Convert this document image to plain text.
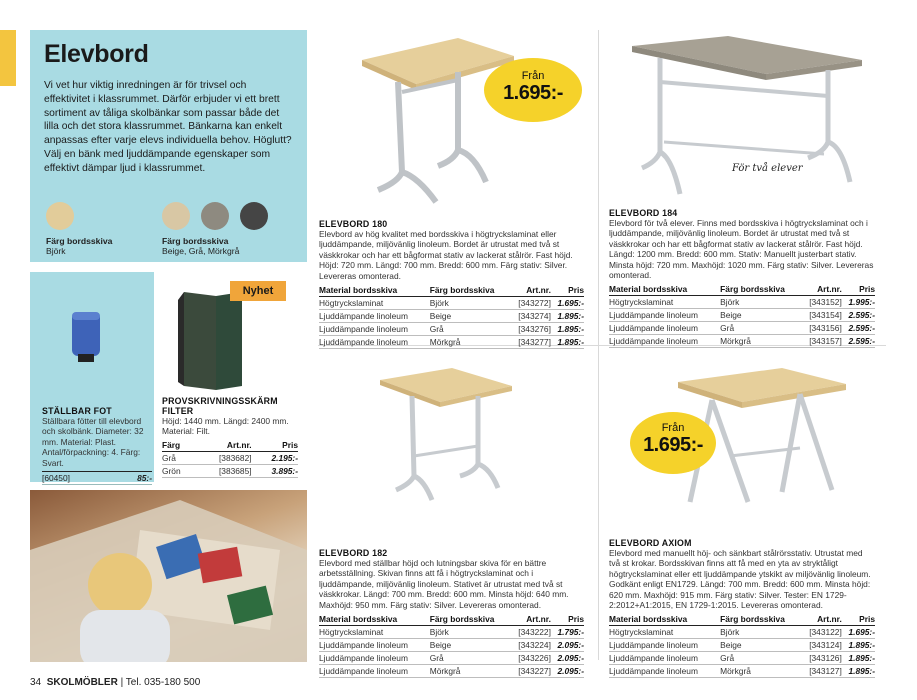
Elevbord

Vi vet hur viktig inredningen är för trivsel och effektivitet i klassrummet. Därför erbjuder vi ett brett sortiment av tåliga skolbänkar som passar både det lilla och det stora klassrummet. Bänkarna kan enkelt anpassas efter varje elevs individuella behov. Höglutt? Välj en bänk med ljuddämpande egenskaper som effektivt dämpar ljud i klassrummet.

Färg bordsskiva
Björk
Färg bordsskiva
Beige, Grå, Mörkgrå
STÄLLBAR FOT
Ställbara fötter till elevbord och skolbänk. Diameter: 32 mm. Material: Plast. Antal/förpackning: 4. Färg: Svart.
[60450]	85:-
Nyhet
PROVSKRIVNINGSSKÄRM FILTER
Höjd: 1440 mm. Längd: 2400 mm. Material: Filt.
Färg	Art.nr.	Pris
Grå	[383682]	2.195:-
Grön	[383685]	3.895:-
34 SKOLMÖBLER | Tel. 035-180 500
Från
1.695:-
ELEVBORD 180
Elevbord av hög kvalitet med bordsskiva i högtryckslaminat eller ljuddämpande, miljövänlig linoleum. Bordet är utrustat med två st väskkrokar och har ett bågformat stativ av lackerat stålrör. Fast höjd. Höjd: 720 mm. Längd: 700 mm. Bredd: 600 mm. Färg stativ: Silver. Levereras omonterad.
Material bordsskiva	Färg bordsskiva	Art.nr.	Pris
Högtryckslaminat	Björk	[343272]	1.695:-
Ljuddämpande linoleum	Beige	[343274]	1.895:-
Ljuddämpande linoleum	Grå	[343276]	1.895:-
Ljuddämpande linoleum	Mörkgrå	[343277]	1.895:-
För två elever
ELEVBORD 184
Elevbord för två elever. Finns med bordsskiva i högtryckslaminat och i ljuddämpande, miljövänlig linoleum. Bordet är utrustat med två st väskkrokar och har ett bågformat stativ av lackerat stålrör. Fast höjd. Längd: 1200 mm. Bredd: 600 mm. Stativ: Manuellt justerbart stativ. Minsta höjd: 720 mm. Maxhöjd: 1020 mm. Färg stativ: Silver. Levereras omonterad.
Material bordsskiva	Färg bordsskiva	Art.nr.	Pris
Högtryckslaminat	Björk	[343152]	1.995:-
Ljuddämpande linoleum	Beige	[343154]	2.595:-
Ljuddämpande linoleum	Grå	[343156]	2.595:-
Ljuddämpande linoleum	Mörkgrå	[343157]	2.595:-
ELEVBORD 182
Elevbord med ställbar höjd och lutningsbar skiva för en bättre arbetsställning. Skivan finns att få i högtryckslaminat och i ljuddämpande, miljövänlig linoleum. Stativet är utrustat med två st väskkrokar. Längd: 700 mm. Bredd: 600 mm. Minsta höjd: 640 mm. Maxhöjd: 950 mm. Färg stativ: Silver. Levereras omonterad.
Material bordsskiva	Färg bordsskiva	Art.nr.	Pris
Högtryckslaminat	Björk	[343222]	1.795:-
Ljuddämpande linoleum	Beige	[343224]	2.095:-
Ljuddämpande linoleum	Grå	[343226]	2.095:-
Ljuddämpande linoleum	Mörkgrå	[343227]	2.095:-
Från
1.695:-
ELEVBORD AXIOM
Elevbord med manuellt höj- och sänkbart stålrörsstativ. Utrustat med två st krokar. Bordsskivan finns att få med en yta av stryktåligt högtryckslaminat eller ett ljuddämpande ytskikt av miljövänlig linoleum. Godkänt enligt EN1729. Längd: 700 mm. Bredd: 600 mm. Minsta höjd: 620 mm. Maxhöjd: 915 mm. Färg stativ: Silver. Tester: EN 1729-2:2012+A1:2015, EN 1729-1:2015. Levereras omonterad.
Material bordsskiva	Färg bordsskiva	Art.nr.	Pris
Högtryckslaminat	Björk	[343122]	1.695:-
Ljuddämpande linoleum	Beige	[343124]	1.895:-
Ljuddämpande linoleum	Grå	[343126]	1.895:-
Ljuddämpande linoleum	Mörkgrå	[343127]	1.895:-
